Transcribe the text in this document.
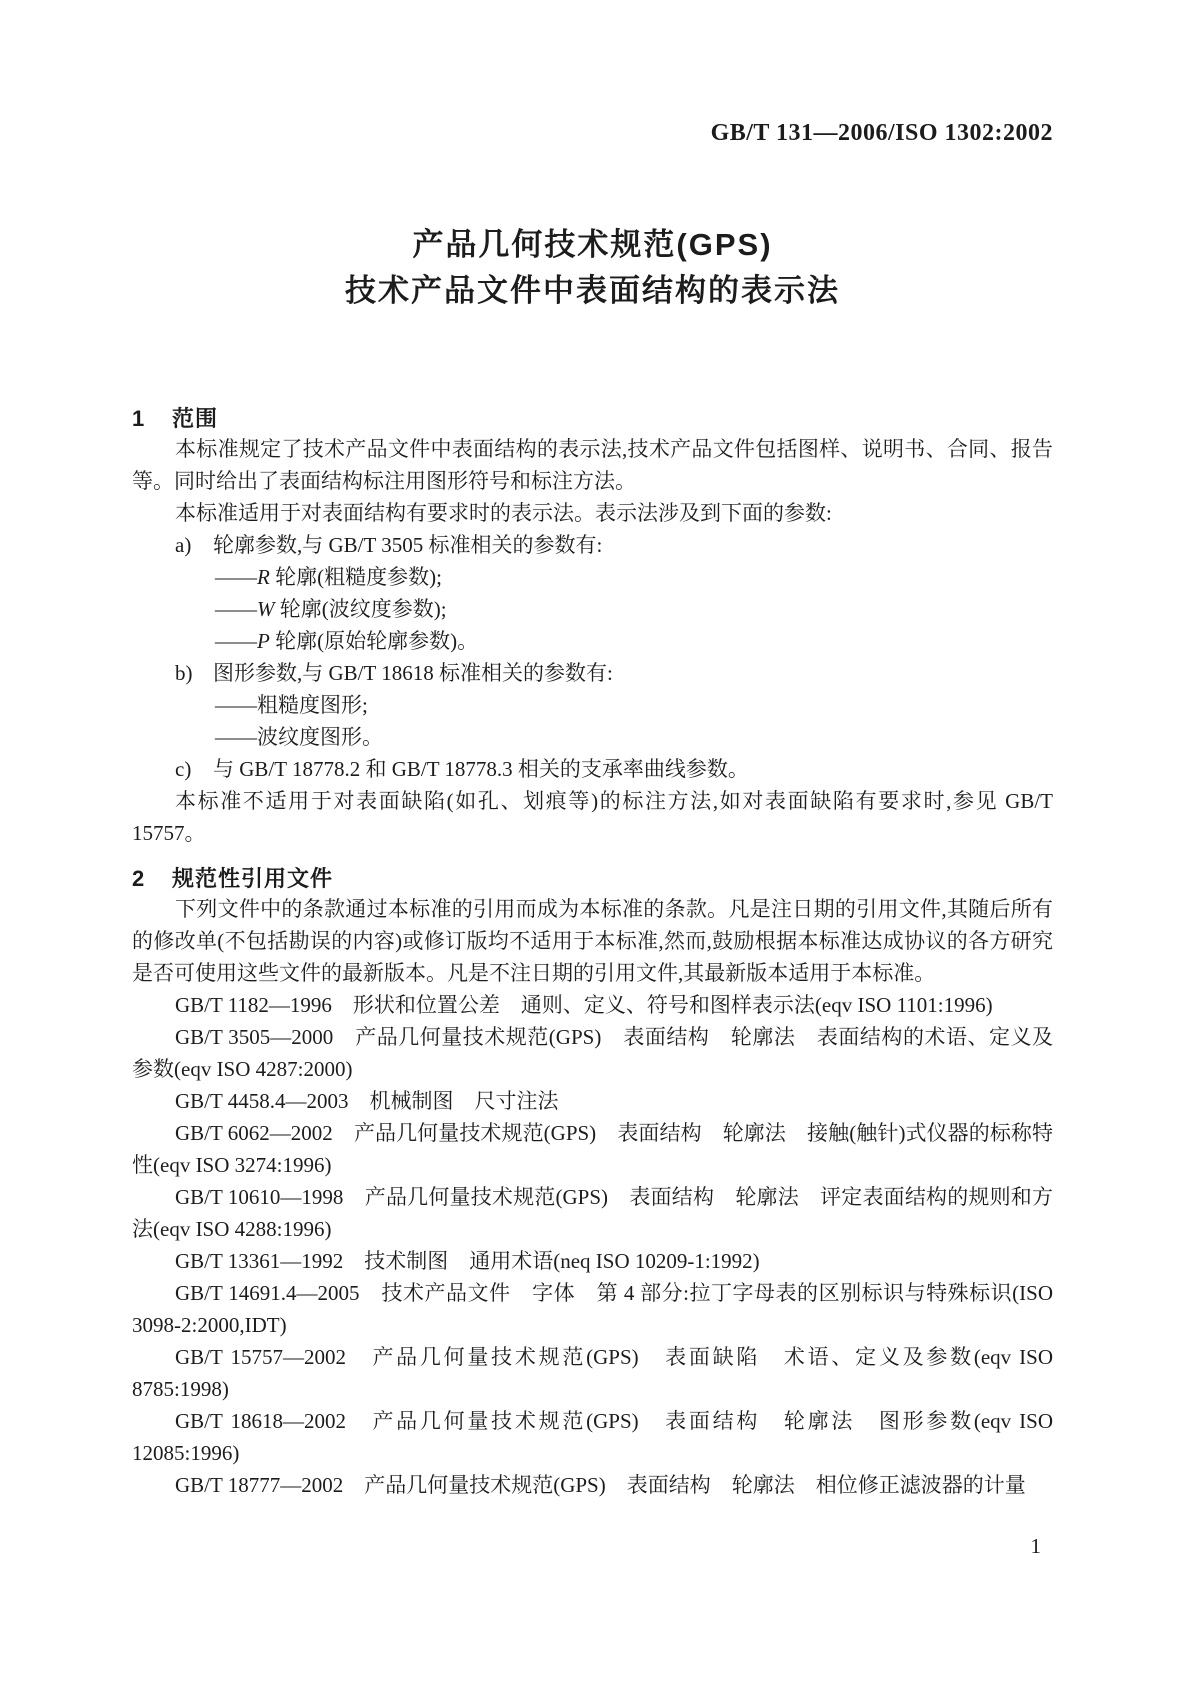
GB/T 131—2006/ISO 1302:2002
产品几何技术规范(GPS)
技术产品文件中表面结构的表示法
1	范围

本标准规定了技术产品文件中表面结构的表示法,技术产品文件包括图样、说明书、合同、报告等。同时给出了表面结构标注用图形符号和标注方法。

本标准适用于对表面结构有要求时的表示法。表示法涉及到下面的参数:

a) 轮廓参数,与 GB/T 3505 标准相关的参数有:

——R 轮廓(粗糙度参数);

——W 轮廓(波纹度参数);

——P 轮廓(原始轮廓参数)。

b) 图形参数,与 GB/T 18618 标准相关的参数有:

——粗糙度图形;

——波纹度图形。

c) 与 GB/T 18778.2 和 GB/T 18778.3 相关的支承率曲线参数。

本标准不适用于对表面缺陷(如孔、划痕等)的标注方法,如对表面缺陷有要求时,参见 GB/T 15757。

2	规范性引用文件

下列文件中的条款通过本标准的引用而成为本标准的条款。凡是注日期的引用文件,其随后所有的修改单(不包括勘误的内容)或修订版均不适用于本标准,然而,鼓励根据本标准达成协议的各方研究是否可使用这些文件的最新版本。凡是不注日期的引用文件,其最新版本适用于本标准。

GB/T 1182—1996　形状和位置公差　通则、定义、符号和图样表示法(eqv ISO 1101:1996)

GB/T 3505—2000　产品几何量技术规范(GPS)　表面结构　轮廓法　表面结构的术语、定义及参数(eqv ISO 4287:2000)

GB/T 4458.4—2003　机械制图　尺寸注法

GB/T 6062—2002　产品几何量技术规范(GPS)　表面结构　轮廓法　接触(触针)式仪器的标称特性(eqv ISO 3274:1996)

GB/T 10610—1998　产品几何量技术规范(GPS)　表面结构　轮廓法　评定表面结构的规则和方法(eqv ISO 4288:1996)

GB/T 13361—1992　技术制图　通用术语(neq ISO 10209-1:1992)

GB/T 14691.4—2005　技术产品文件　字体　第 4 部分:拉丁字母表的区别标识与特殊标识(ISO 3098-2:2000,IDT)

GB/T 15757—2002　产品几何量技术规范(GPS)　表面缺陷　术语、定义及参数(eqv ISO 8785:1998)

GB/T 18618—2002　产品几何量技术规范(GPS)　表面结构　轮廓法　图形参数(eqv ISO 12085:1996)

GB/T 18777—2002　产品几何量技术规范(GPS)　表面结构　轮廓法　相位修正滤波器的计量

1
